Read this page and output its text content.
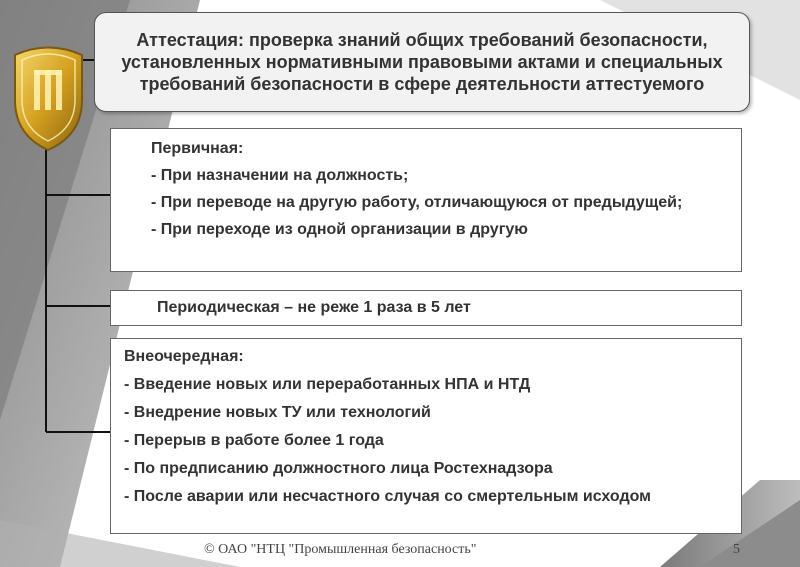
Аттестация: проверка знаний общих требований безопасности, установленных нормативными правовыми актами и специальных требований безопасности в сфере деятельности аттестуемого

Первичная:

- При назначении на должность;

- При переводе на другую работу, отличающуюся от предыдущей;

- При переходе из одной организации в другую

Периодическая – не реже 1 раза в 5 лет

Внеочередная:

- Введение новых или переработанных НПА и НТД

- Внедрение новых ТУ или технологий

- Перерыв в работе более 1 года

- По предписанию должностного лица Ростехнадзора

- После аварии или несчастного случая со смертельным исходом

© ОАО "НТЦ "Промышленная безопасность"	5
